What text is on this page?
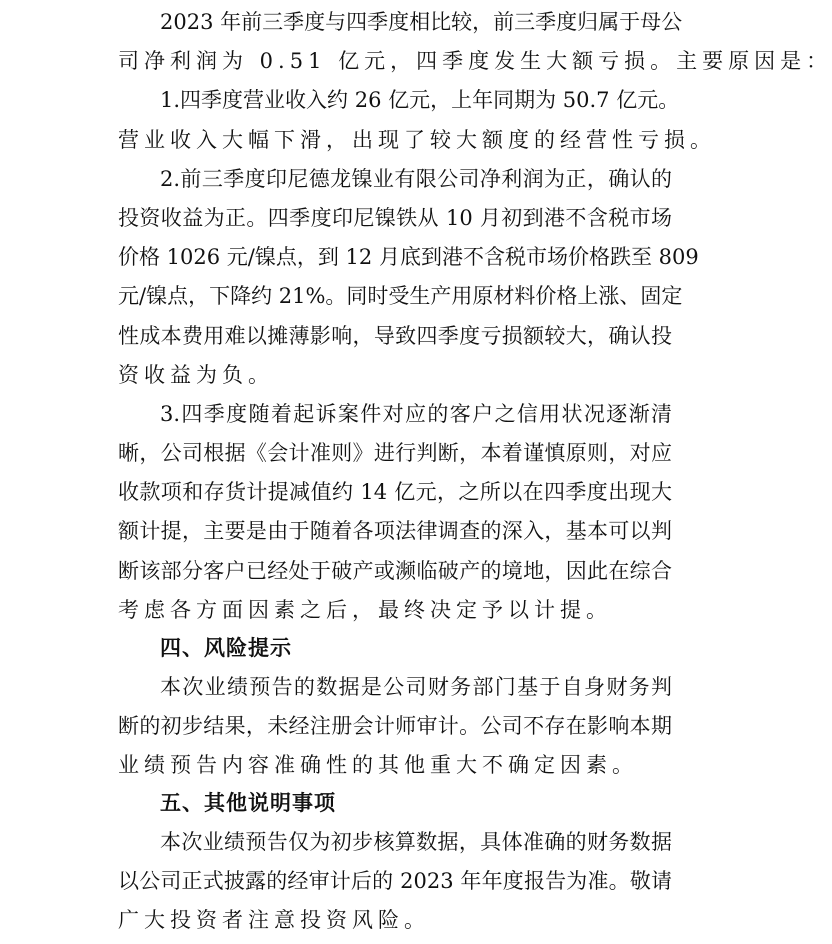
2023 年前三季度与四季度相比较，前三季度归属于母公
司净利润为 0.51 亿元，四季度发生大额亏损。主要原因是：
1.四季度营业收入约 26 亿元，上年同期为 50.7 亿元。
营业收入大幅下滑，出现了较大额度的经营性亏损。
2.前三季度印尼德龙镍业有限公司净利润为正，确认的
投资收益为正。四季度印尼镍铁从 10 月初到港不含税市场
价格 1026 元/镍点，到 12 月底到港不含税市场价格跌至 809
元/镍点，下降约 21%。同时受生产用原材料价格上涨、固定
性成本费用难以摊薄影响，导致四季度亏损额较大，确认投
资收益为负。
3.四季度随着起诉案件对应的客户之信用状况逐渐清
晰，公司根据《会计准则》进行判断，本着谨慎原则，对应
收款项和存货计提减值约 14 亿元，之所以在四季度出现大
额计提，主要是由于随着各项法律调查的深入，基本可以判
断该部分客户已经处于破产或濒临破产的境地，因此在综合
考虑各方面因素之后，最终决定予以计提。
四、风险提示
本次业绩预告的数据是公司财务部门基于自身财务判
断的初步结果，未经注册会计师审计。公司不存在影响本期
业绩预告内容准确性的其他重大不确定因素。
五、其他说明事项
本次业绩预告仅为初步核算数据，具体准确的财务数据
以公司正式披露的经审计后的 2023 年年度报告为准。敬请
广大投资者注意投资风险。
